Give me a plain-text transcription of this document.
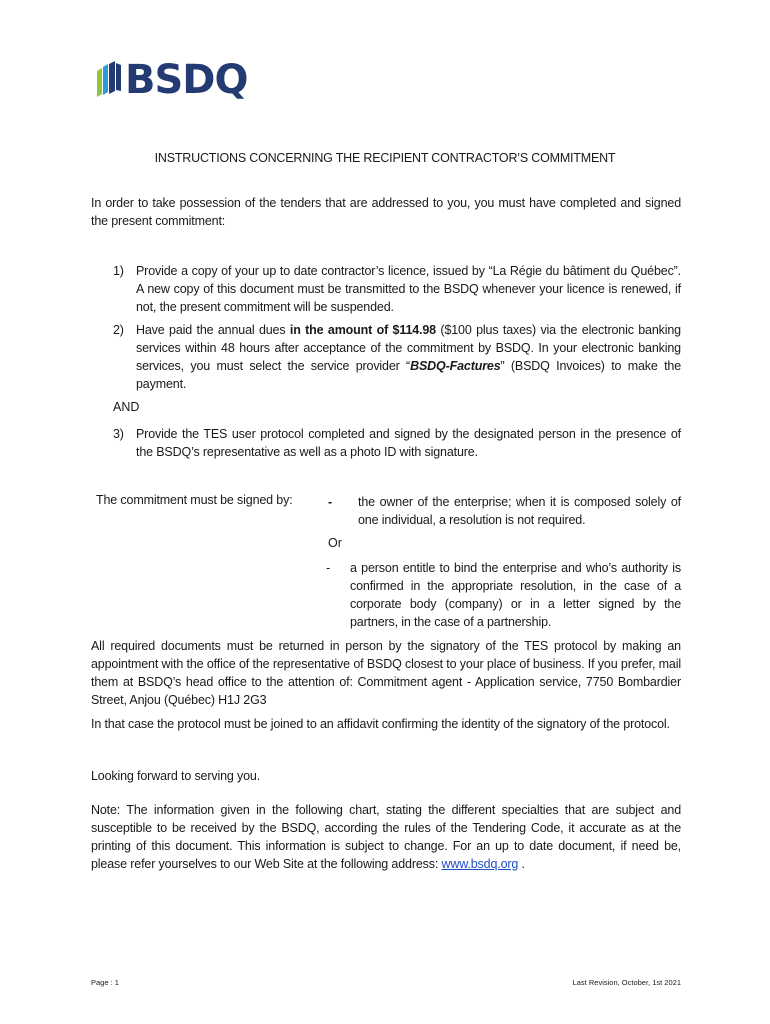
BSDQ
INSTRUCTIONS CONCERNING THE RECIPIENT CONTRACTOR’S COMMITMENT
In order to take possession of the tenders that are addressed to you, you must have completed and signed the present commitment:
1) Provide a copy of your up to date contractor’s licence, issued by “La Régie du bâtiment du Québec”. A new copy of this document must be transmitted to the BSDQ whenever your licence is renewed, if not, the present commitment will be suspended.
2) Have paid the annual dues in the amount of $114.98 ($100 plus taxes) via the electronic banking services within 48 hours after acceptance of the commitment by BSDQ. In your electronic banking services, you must select the service provider “BSDQ-Factures” (BSDQ Invoices) to make the payment.
AND
3) Provide the TES user protocol completed and signed by the designated person in the presence of the BSDQ’s representative as well as a photo ID with signature.
The commitment must be signed by:	- the owner of the enterprise; when it is composed solely of one individual, a resolution is not required.
Or
- a person entitle to bind the enterprise and who’s authority is confirmed in the appropriate resolution, in the case of a corporate body (company) or in a letter signed by the partners, in the case of a partnership.
All required documents must be returned in person by the signatory of the TES protocol by making an appointment with the office of the representative of BSDQ closest to your place of business. If you prefer, mail them at BSDQ’s head office to the attention of: Commitment agent - Application service, 7750 Bombardier Street, Anjou (Québec) H1J 2G3
In that case the protocol must be joined to an affidavit confirming the identity of the signatory of the protocol.
Looking forward to serving you.
Note: The information given in the following chart, stating the different specialties that are subject and susceptible to be received by the BSDQ, according the rules of the Tendering Code, it accurate as at the printing of this document. This information is subject to change. For an up to date document, if need be, please refer yourselves to our Web Site at the following address: www.bsdq.org .
Page : 1	Last Revision, October, 1st 2021
